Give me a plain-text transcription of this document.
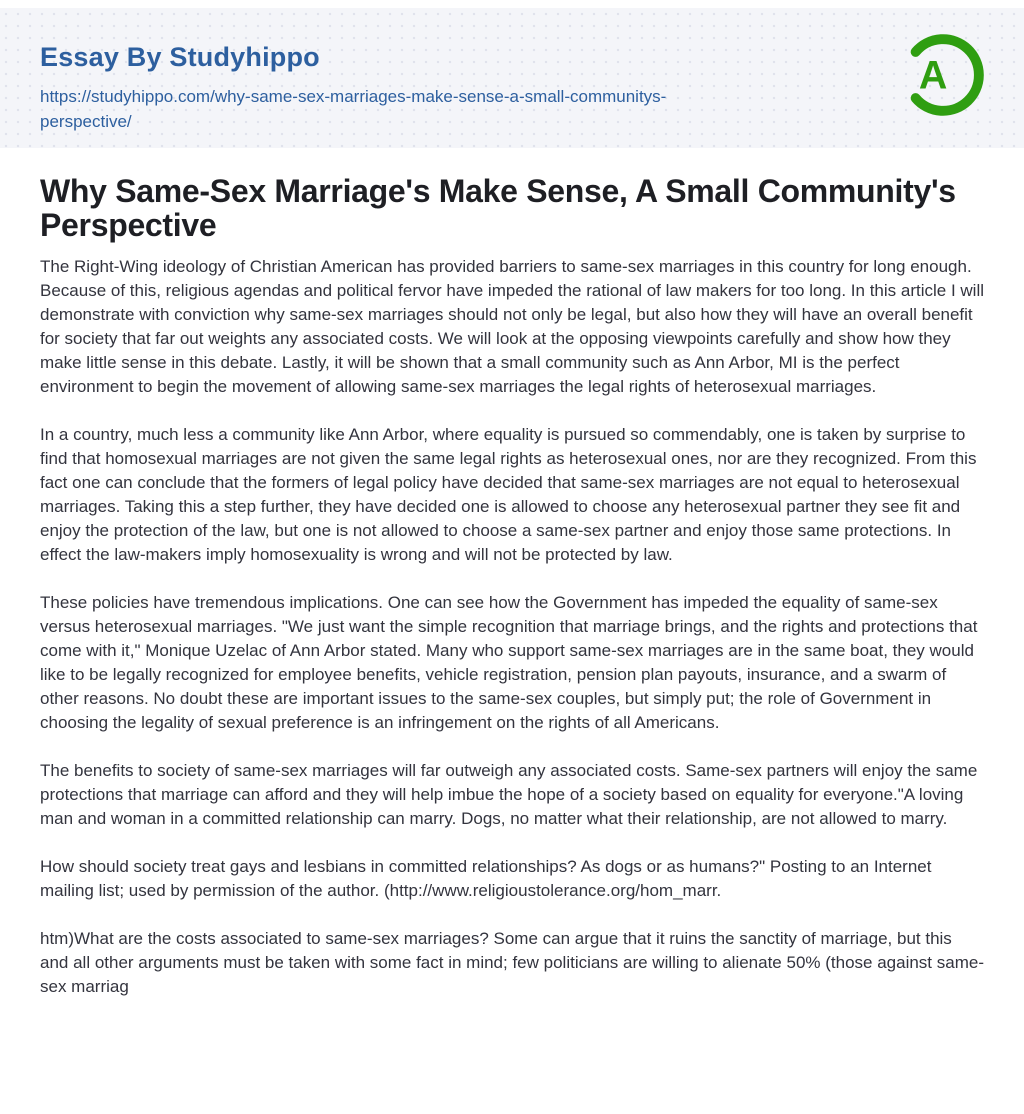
Essay By Studyhippo
https://studyhippo.com/why-same-sex-marriages-make-sense-a-small-communitys-perspective/
A
Why Same-Sex Marriage's Make Sense, A Small Community's Perspective

The Right-Wing ideology of Christian American has provided barriers to same-sex marriages in this country for long enough. Because of this, religious agendas and political fervor have impeded the rational of law makers for too long. In this article I will demonstrate with conviction why same-sex marriages should not only be legal, but also how they will have an overall benefit for society that far out weights any associated costs. We will look at the opposing viewpoints carefully and show how they make little sense in this debate. Lastly, it will be shown that a small community such as Ann Arbor, MI is the perfect environment to begin the movement of allowing same-sex marriages the legal rights of heterosexual marriages.

In a country, much less a community like Ann Arbor, where equality is pursued so commendably, one is taken by surprise to find that homosexual marriages are not given the same legal rights as heterosexual ones, nor are they recognized. From this fact one can conclude that the formers of legal policy have decided that same-sex marriages are not equal to heterosexual marriages. Taking this a step further, they have decided one is allowed to choose any heterosexual partner they see fit and enjoy the protection of the law, but one is not allowed to choose a same-sex partner and enjoy those same protections. In effect the law-makers imply homosexuality is wrong and will not be protected by law.

These policies have tremendous implications. One can see how the Government has impeded the equality of same-sex versus heterosexual marriages. "We just want the simple recognition that marriage brings, and the rights and protections that come with it," Monique Uzelac of Ann Arbor stated. Many who support same-sex marriages are in the same boat, they would like to be legally recognized for employee benefits, vehicle registration, pension plan payouts, insurance, and a swarm of other reasons. No doubt these are important issues to the same-sex couples, but simply put; the role of Government in choosing the legality of sexual preference is an infringement on the rights of all Americans.

The benefits to society of same-sex marriages will far outweigh any associated costs. Same-sex partners will enjoy the same protections that marriage can afford and they will help imbue the hope of a society based on equality for everyone."A loving man and woman in a committed relationship can marry. Dogs, no matter what their relationship, are not allowed to marry.

How should society treat gays and lesbians in committed relationships? As dogs or as humans?" Posting to an Internet mailing list; used by permission of the author. (http://www.religioustolerance.org/hom_marr.

htm)What are the costs associated to same-sex marriages? Some can argue that it ruins the sanctity of marriage, but this and all other arguments must be taken with some fact in mind; few politicians are willing to alienate 50% (those against same-sex marriag
